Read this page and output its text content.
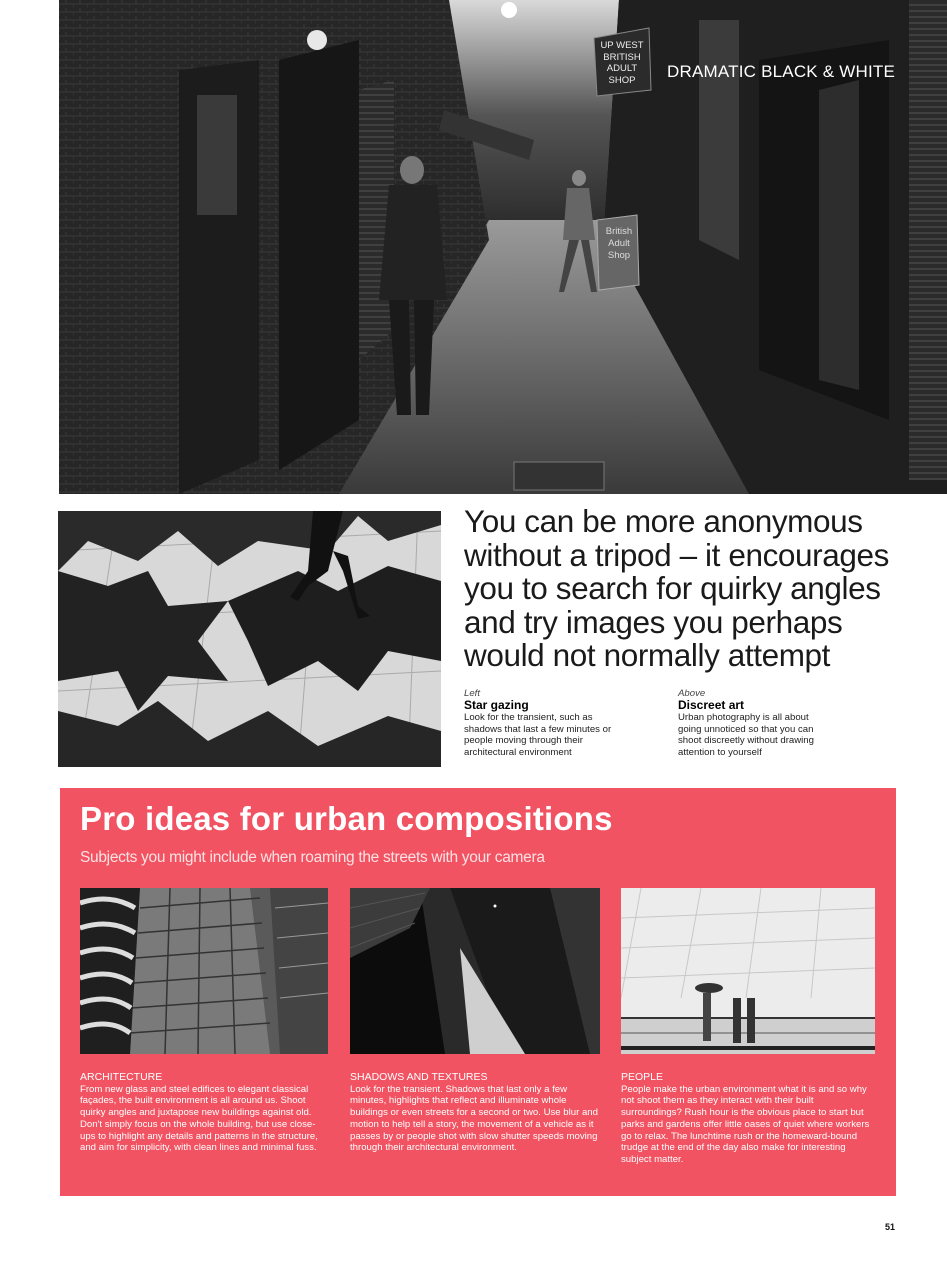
DRAMATIC BLACK & WHITE
UP WEST
BRITISH
ADULT
SHOP
British
Adult
Shop
You can be more anonymous without a tripod – it encourages you to search for quirky angles and try images you perhaps would not normally attempt
Left
Star gazing
Look for the transient, such as shadows that last a few minutes or people moving through their architectural environment
Above
Discreet art
Urban photography is all about going unnoticed so that you can shoot discreetly without drawing attention to yourself
Pro ideas for urban compositions
Subjects you might include when roaming the streets with your camera
ARCHITECTURE
From new glass and steel edifices to elegant classical façades, the built environment is all around us. Shoot quirky angles and juxtapose new buildings against old. Don't simply focus on the whole building, but use close-ups to highlight any details and patterns in the structure, and aim for simplicity, with clean lines and minimal fuss.
SHADOWS AND TEXTURES
Look for the transient. Shadows that last only a few minutes, highlights that reflect and illuminate whole buildings or even streets for a second or two. Use blur and motion to help tell a story, the movement of a vehicle as it passes by or people shot with slow shutter speeds moving through their architectural environment.
PEOPLE
People make the urban environment what it is and so why not shoot them as they interact with their built surroundings? Rush hour is the obvious place to start but parks and gardens offer little oases of quiet where workers go to relax. The lunchtime rush or the homeward-bound trudge at the end of the day also make for interesting subject matter.
51
